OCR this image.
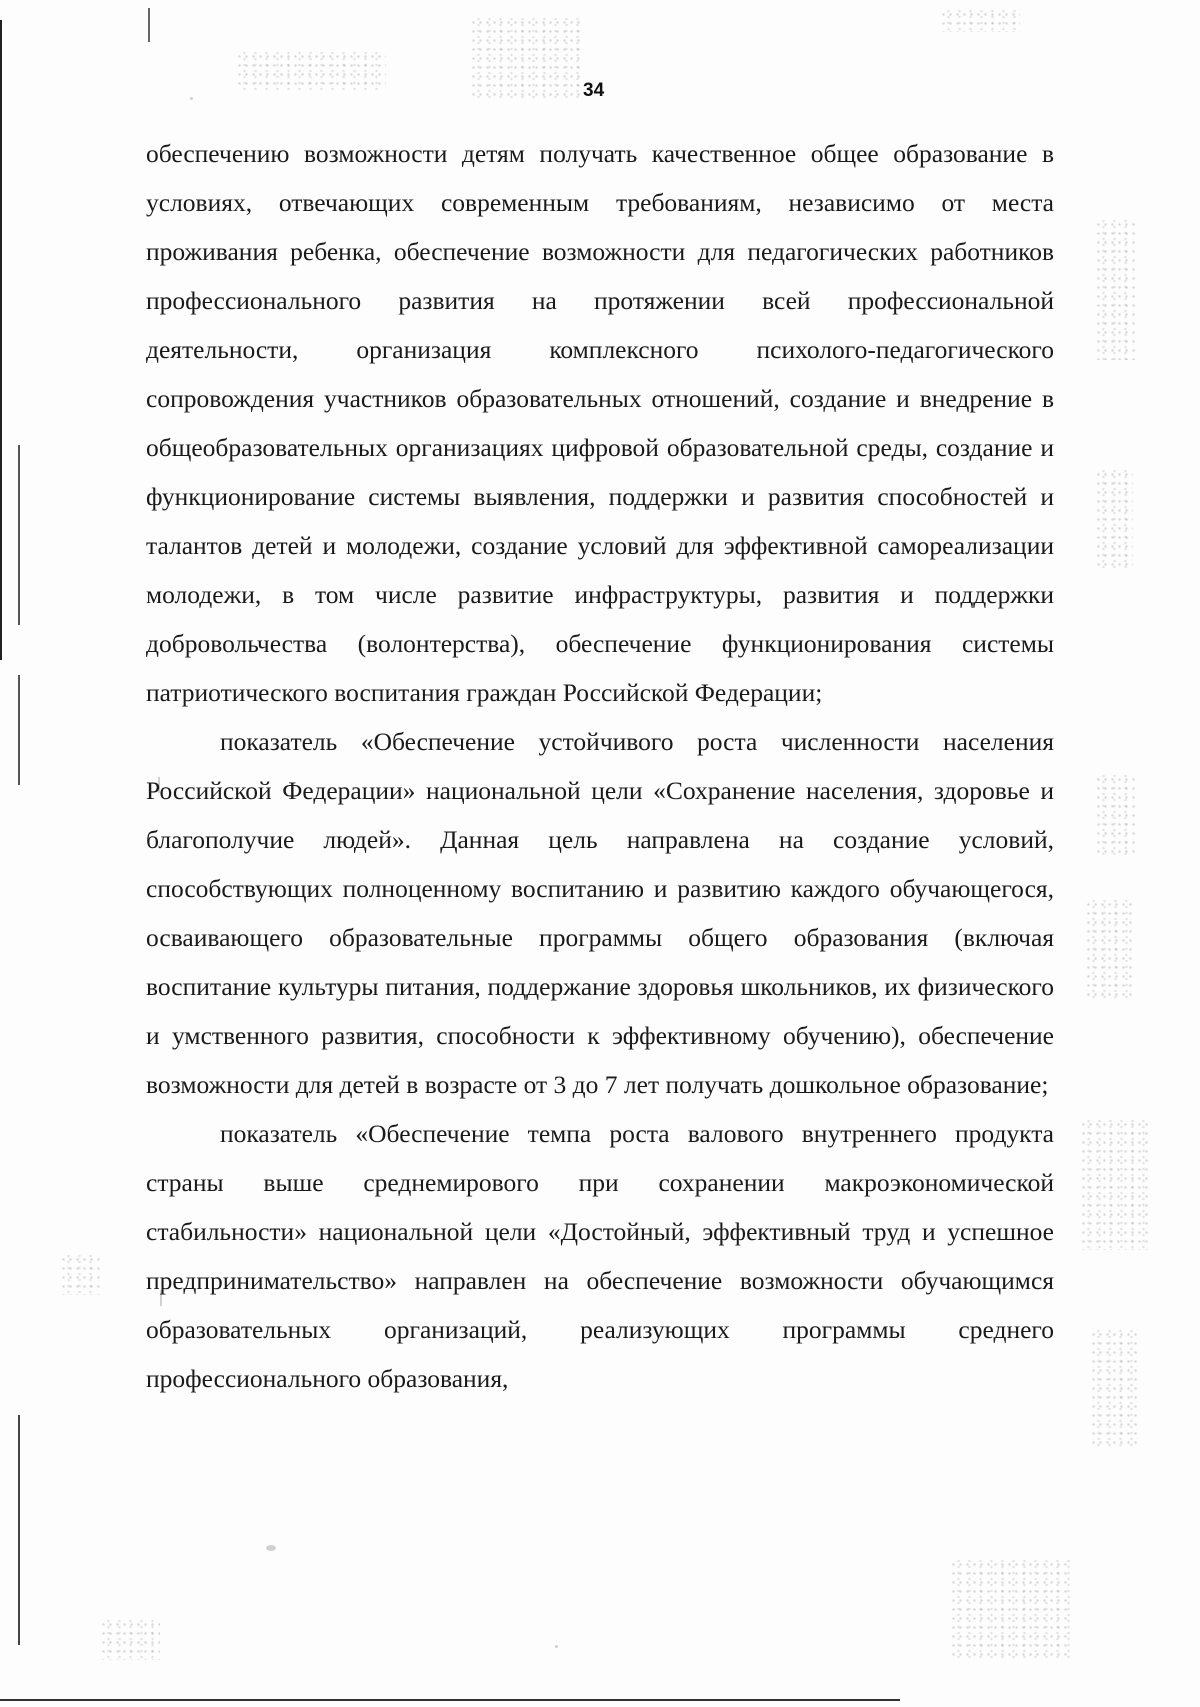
34

обеспечению возможности детям получать качественное общее образование в условиях, отвечающих современным требованиям, независимо от места проживания ребенка, обеспечение возможности для педагогических работников профессионального развития на протяжении всей профессиональной деятельности, организация комплексного психолого-педагогического сопровождения участников образовательных отношений, создание и внедрение в общеобразовательных организациях цифровой образовательной среды, создание и функционирование системы выявления, поддержки и развития способностей и талантов детей и молодежи, создание условий для эффективной самореализации молодежи, в том числе развитие инфраструктуры, развития и поддержки добровольчества (волонтерства), обеспечение функционирования системы патриотического воспитания граждан Российской Федерации;

показатель «Обеспечение устойчивого роста численности населения Российской Федерации» национальной цели «Сохранение населения, здоровье и благополучие людей». Данная цель направлена на создание условий, способствующих полноценному воспитанию и развитию каждого обучающегося, осваивающего образовательные программы общего образования (включая воспитание культуры питания, поддержание здоровья школьников, их физического и умственного развития, способности к эффективному обучению), обеспечение возможности для детей в возрасте от 3 до 7 лет получать дошкольное образование;

показатель «Обеспечение темпа роста валового внутреннего продукта страны выше среднемирового при сохранении макроэкономической стабильности» национальной цели «Достойный, эффективный труд и успешное предпринимательство» направлен на обеспечение возможности обучающимся образовательных организаций, реализующих программы среднего профессионального образования,
